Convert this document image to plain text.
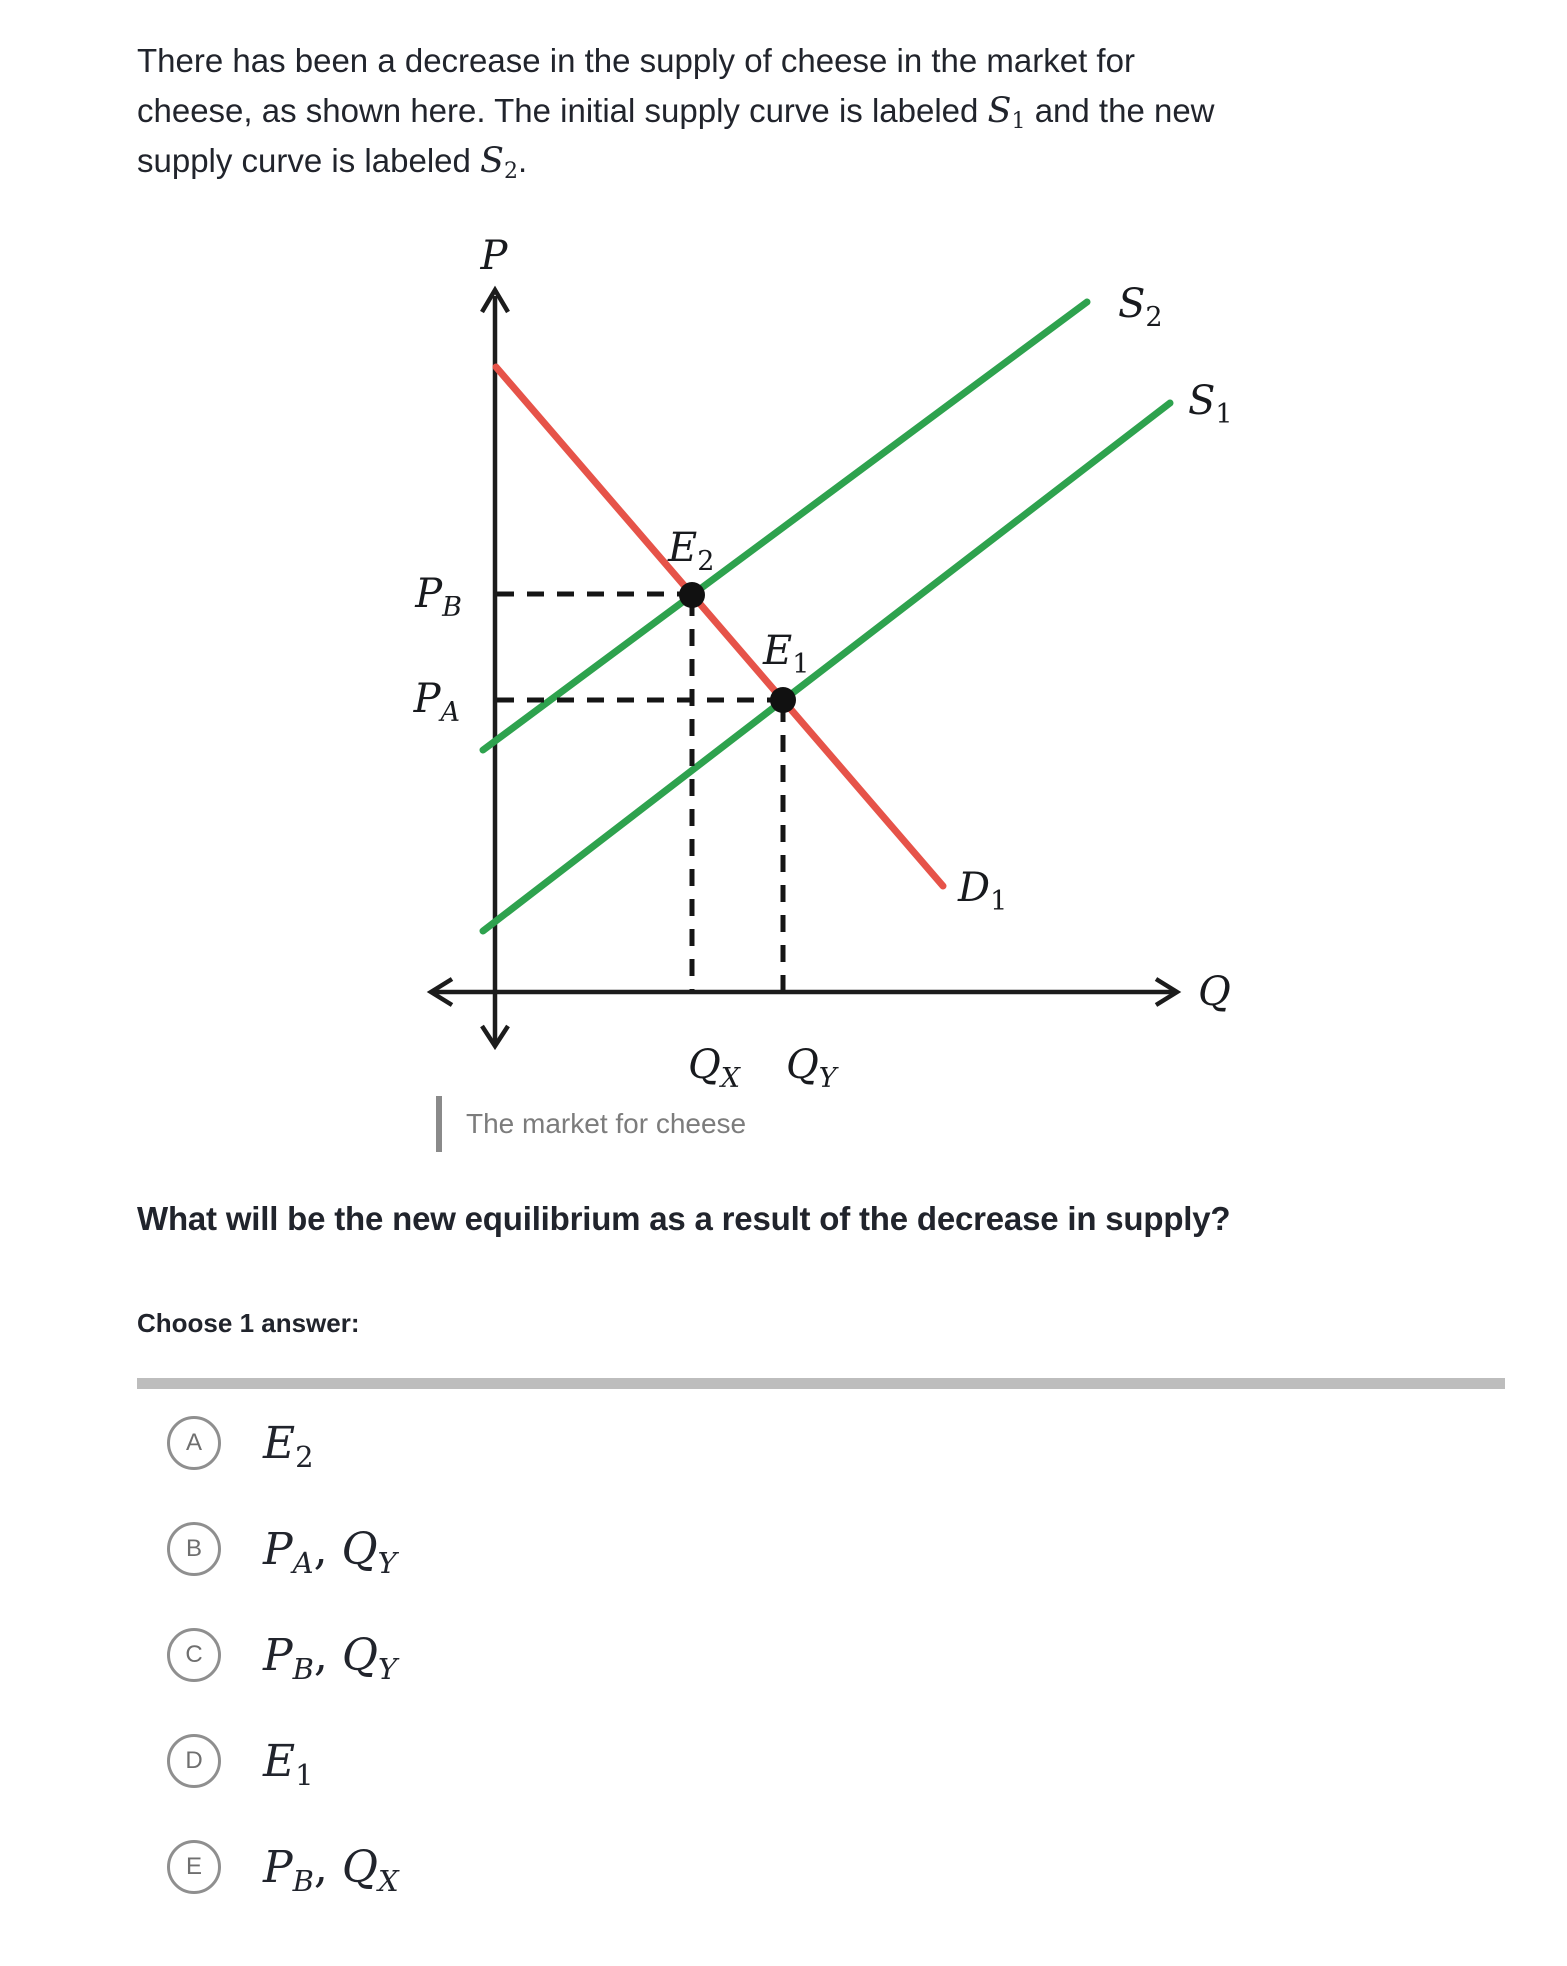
There has been a decrease in the supply of cheese in the market for
cheese, as shown here. The initial supply curve is labeled $S_1$ and the new
supply curve is labeled $S_2$.
P
Q
$S_2$
$S_1$
$D_1$
$E_2$
$E_1$
$P_B$
$P_A$
$Q_X$ $Q_Y$
The market for cheese
What will be the new equilibrium as a result of the decrease in supply?
Choose 1 answer:
A $E_2$
B $P_A$, $Q_Y$
C $P_B$, $Q_Y$
D $E_1$
E $P_B$, $Q_X$
